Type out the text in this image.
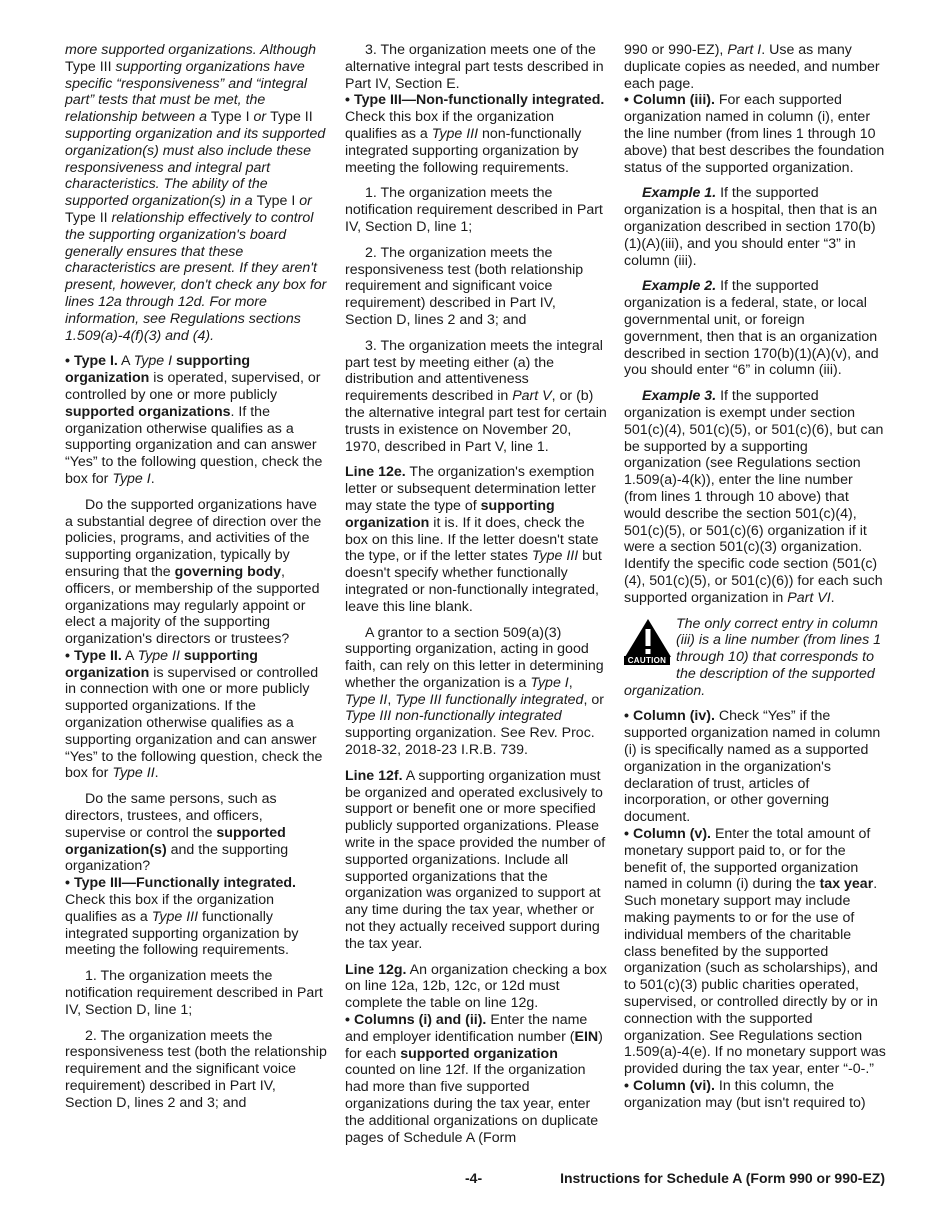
more supported organizations. Although Type III supporting organizations have specific “responsiveness” and “integral part” tests that must be met, the relationship between a Type I or Type II supporting organization and its supported organization(s) must also include these responsiveness and integral part characteristics. The ability of the supported organization(s) in a Type I or Type II relationship effectively to control the supporting organization's board generally ensures that these characteristics are present. If they aren't present, however, don't check any box for lines 12a through 12d. For more information, see Regulations sections 1.509(a)-4(f)(3) and (4).

• Type I. A Type I supporting organization is operated, supervised, or controlled by one or more publicly supported organizations. If the organization otherwise qualifies as a supporting organization and can answer “Yes” to the following question, check the box for Type I.

Do the supported organizations have a substantial degree of direction over the policies, programs, and activities of the supporting organization, typically by ensuring that the governing body, officers, or membership of the supported organizations may regularly appoint or elect a majority of the supporting organization's directors or trustees?

• Type II. A Type II supporting organization is supervised or controlled in connection with one or more publicly supported organizations. If the organization otherwise qualifies as a supporting organization and can answer “Yes” to the following question, check the box for Type II.

Do the same persons, such as directors, trustees, and officers, supervise or control the supported organization(s) and the supporting organization?

• Type III—Functionally integrated. Check this box if the organization qualifies as a Type III functionally integrated supporting organization by meeting the following requirements.

1. The organization meets the notification requirement described in Part IV, Section D, line 1;

2. The organization meets the responsiveness test (both the relationship requirement and the significant voice requirement) described in Part IV, Section D, lines 2 and 3; and

3. The organization meets one of the alternative integral part tests described in Part IV, Section E.

• Type III—Non-functionally integrated. Check this box if the organization qualifies as a Type III non-functionally integrated supporting organization by meeting the following requirements.

1. The organization meets the notification requirement described in Part IV, Section D, line 1;

2. The organization meets the responsiveness test (both relationship requirement and significant voice requirement) described in Part IV, Section D, lines 2 and 3; and

3. The organization meets the integral part test by meeting either (a) the distribution and attentiveness requirements described in Part V, or (b) the alternative integral part test for certain trusts in existence on November 20, 1970, described in Part V, line 1.

Line 12e. The organization's exemption letter or subsequent determination letter may state the type of supporting organization it is. If it does, check the box on this line. If the letter doesn't state the type, or if the letter states Type III but doesn't specify whether functionally integrated or non-functionally integrated, leave this line blank.

A grantor to a section 509(a)(3) supporting organization, acting in good faith, can rely on this letter in determining whether the organization is a Type I, Type II, Type III functionally integrated, or Type III non-functionally integrated supporting organization. See Rev. Proc. 2018-32, 2018-23 I.R.B. 739.

Line 12f. A supporting organization must be organized and operated exclusively to support or benefit one or more specified publicly supported organizations. Please write in the space provided the number of supported organizations. Include all supported organizations that the organization was organized to support at any time during the tax year, whether or not they actually received support during the tax year.

Line 12g. An organization checking a box on line 12a, 12b, 12c, or 12d must complete the table on line 12g.

• Columns (i) and (ii). Enter the name and employer identification number (EIN) for each supported organization counted on line 12f. If the organization had more than five supported organizations during the tax year, enter the additional organizations on duplicate pages of Schedule A (Form

990 or 990-EZ), Part I. Use as many duplicate copies as needed, and number each page.

• Column (iii). For each supported organization named in column (i), enter the line number (from lines 1 through 10 above) that best describes the foundation status of the supported organization.

Example 1. If the supported organization is a hospital, then that is an organization described in section 170(b)(1)(A)(iii), and you should enter “3” in column (iii).

Example 2. If the supported organization is a federal, state, or local governmental unit, or foreign government, then that is an organization described in section 170(b)(1)(A)(v), and you should enter “6” in column (iii).

Example 3. If the supported organization is exempt under section 501(c)(4), 501(c)(5), or 501(c)(6), but can be supported by a supporting organization (see Regulations section 1.509(a)-4(k)), enter the line number (from lines 1 through 10 above) that would describe the section 501(c)(4), 501(c)(5), or 501(c)(6) organization if it were a section 501(c)(3) organization. Identify the specific code section (501(c)(4), 501(c)(5), or 501(c)(6)) for each such supported organization in Part VI.

CAUTION
The only correct entry in column (iii) is a line number (from lines 1 through 10) that corresponds to the description of the supported organization.

• Column (iv). Check “Yes” if the supported organization named in column (i) is specifically named as a supported organization in the organization's declaration of trust, articles of incorporation, or other governing document.

• Column (v). Enter the total amount of monetary support paid to, or for the benefit of, the supported organization named in column (i) during the tax year. Such monetary support may include making payments to or for the use of individual members of the charitable class benefited by the supported organization (such as scholarships), and to 501(c)(3) public charities operated, supervised, or controlled directly by or in connection with the supported organization. See Regulations section 1.509(a)-4(e). If no monetary support was provided during the tax year, enter “-0-.”

• Column (vi). In this column, the organization may (but isn't required to)

-4-	Instructions for Schedule A (Form 990 or 990-EZ)
